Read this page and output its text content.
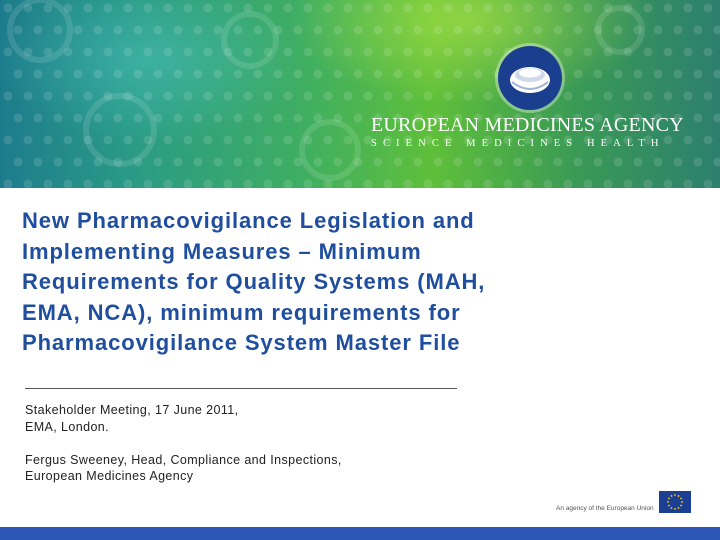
EUROPEAN MEDICINES AGENCY
SCIENCE MEDICINES HEALTH
New Pharmacovigilance Legislation and
Implementing Measures – Minimum
Requirements for Quality Systems (MAH,
EMA, NCA), minimum requirements for
Pharmacovigilance System Master File
Stakeholder Meeting, 17 June 2011,
EMA, London.
Fergus Sweeney, Head, Compliance and Inspections,
European Medicines Agency
An agency of the European Union
